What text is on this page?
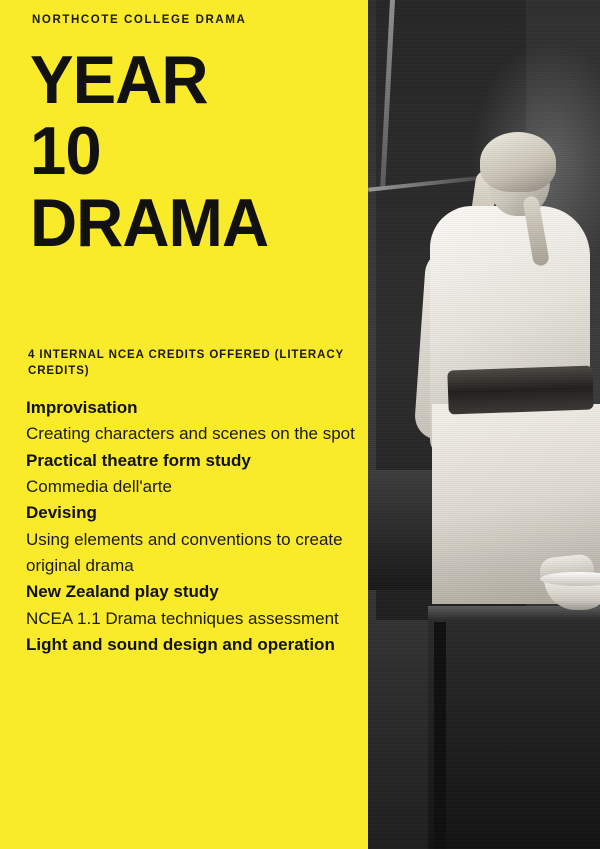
NORTHCOTE COLLEGE DRAMA
YEAR
10
DRAMA
4 INTERNAL NCEA CREDITS OFFERED (LITERACY CREDITS)

Improvisation

Creating characters and scenes on the spot

Practical theatre form study

Commedia dell'arte

Devising

Using elements and conventions to create original drama

New Zealand play study

NCEA 1.1 Drama techniques assessment

Light and sound design and operation
